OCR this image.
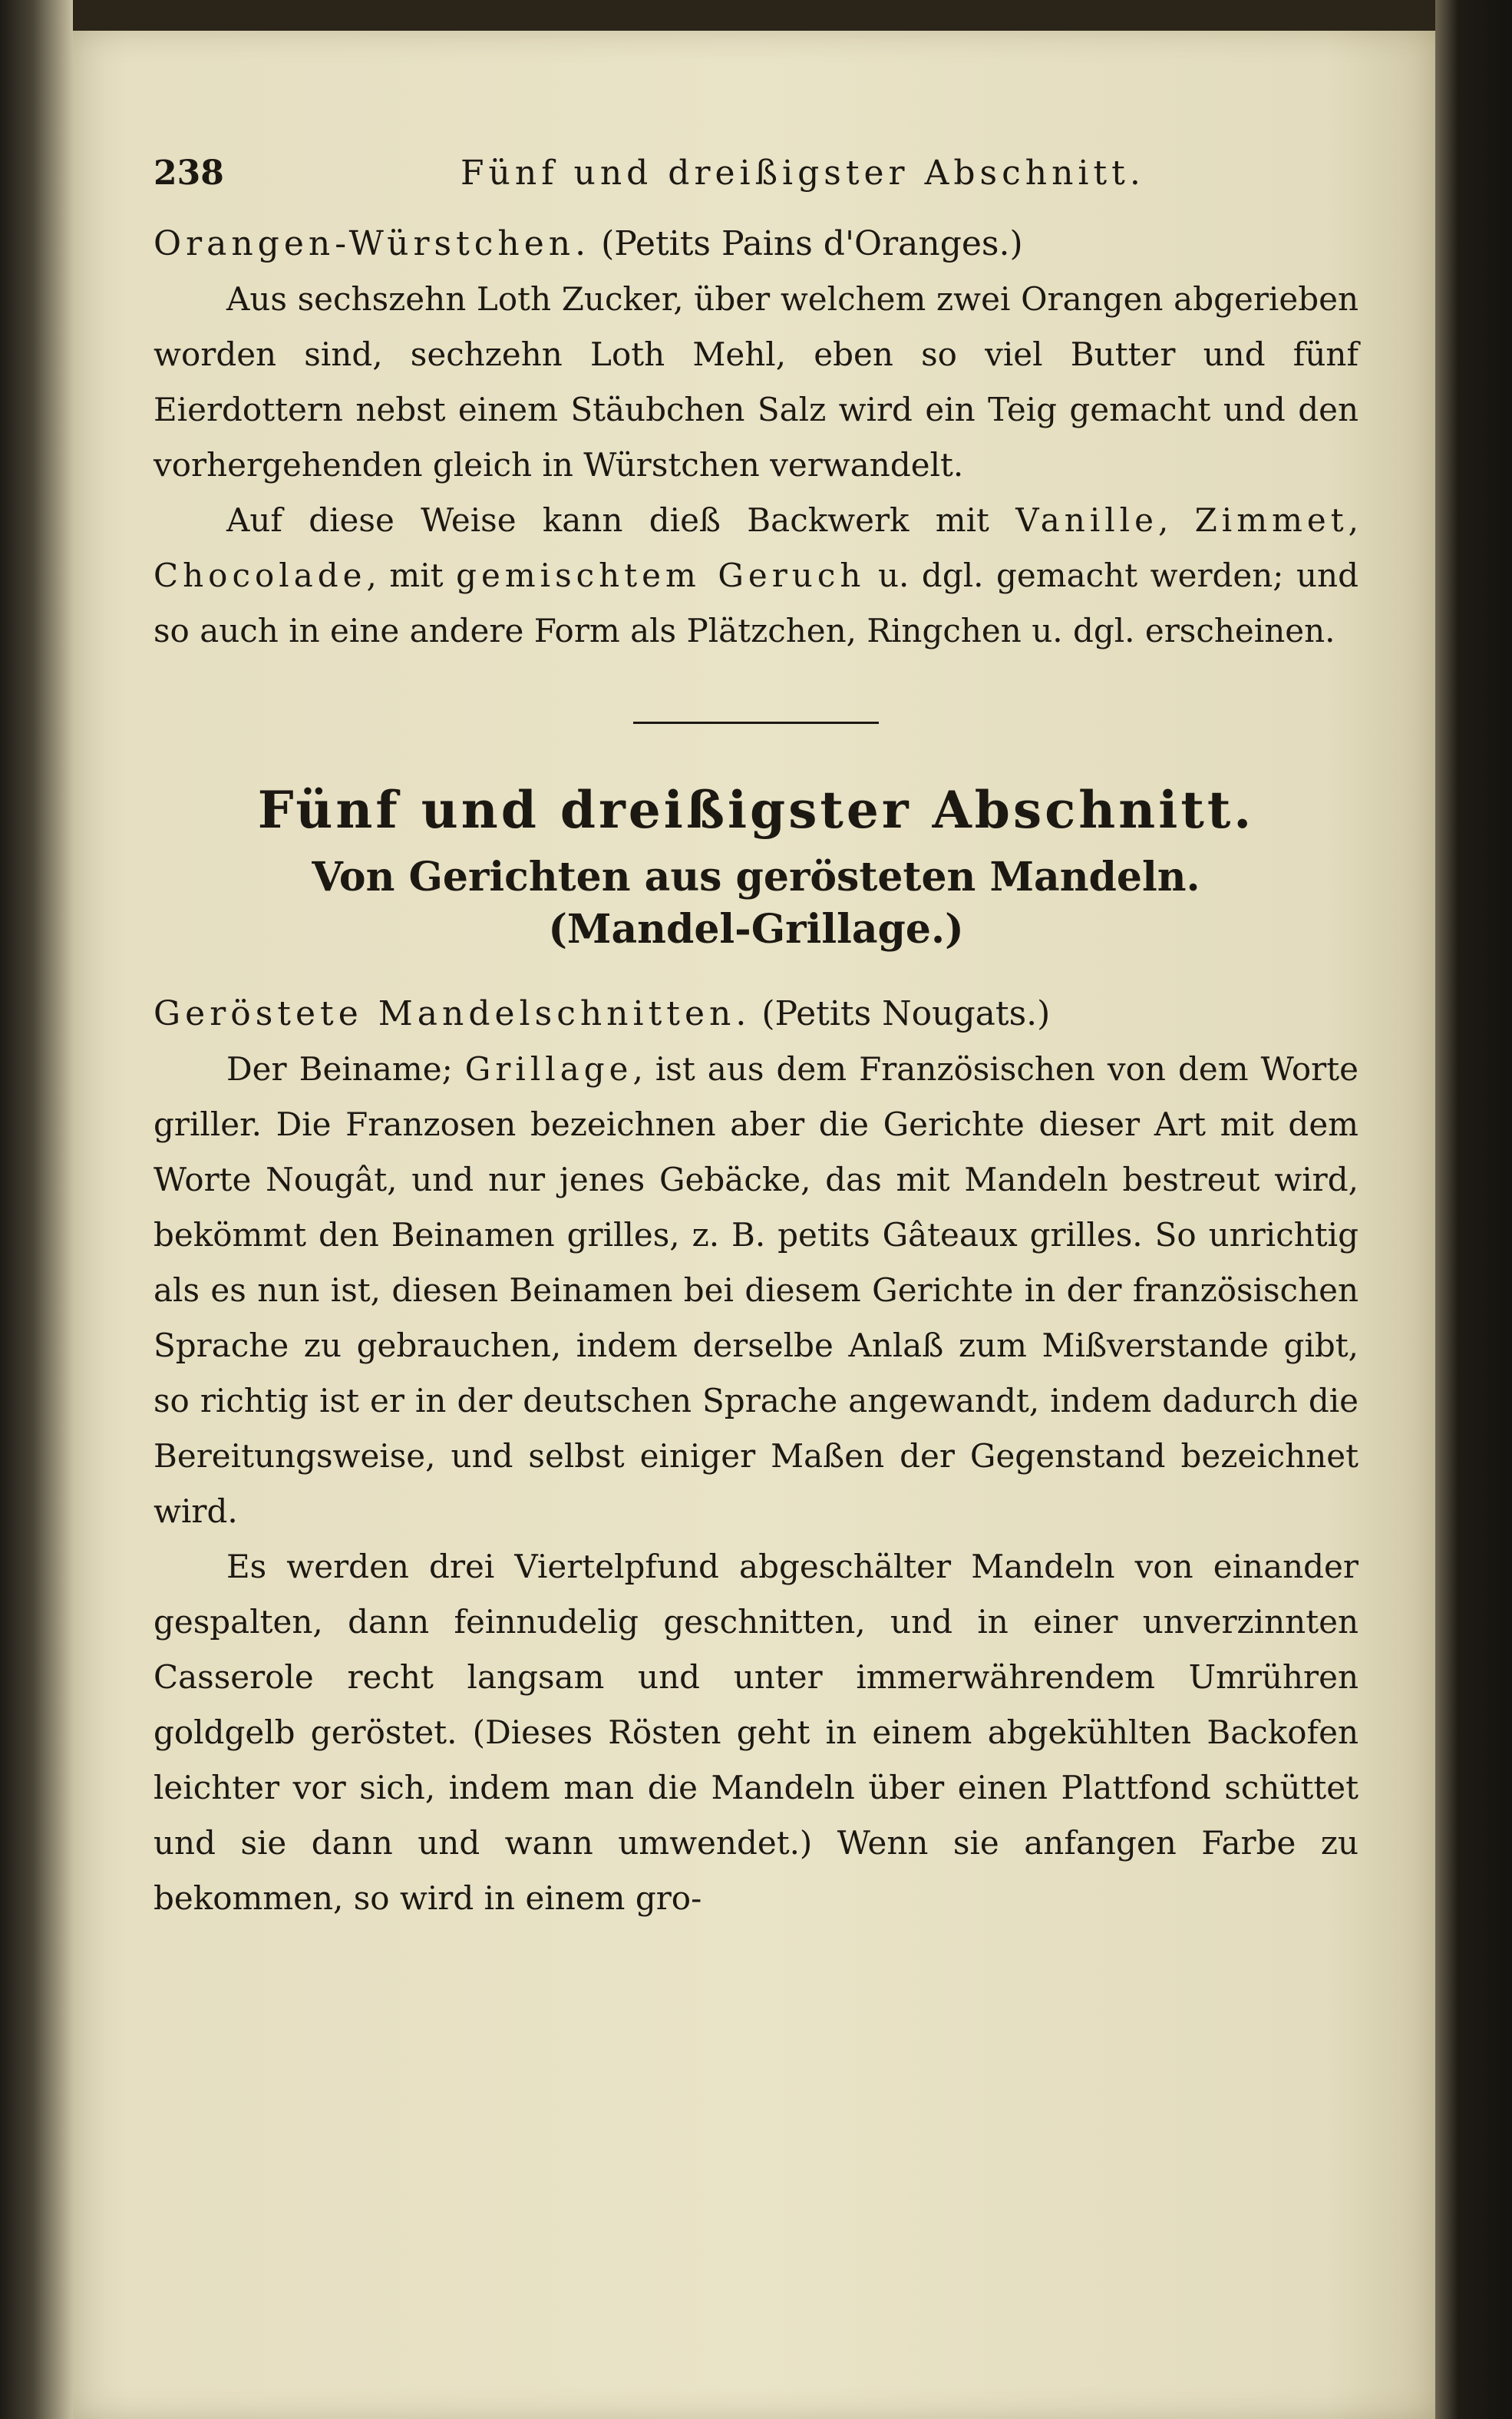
238	Fünf und dreißigster Abschnitt.

Orangen-Würstchen. (Petits Pains d'Oranges.)

Aus sechszehn Loth Zucker, über welchem zwei Orangen abgerieben worden sind, sechzehn Loth Mehl, eben so viel Butter und fünf Eierdottern nebst einem Stäubchen Salz wird ein Teig gemacht und den vorhergehenden gleich in Würstchen verwandelt.

Auf diese Weise kann dieß Backwerk mit Vanille, Zimmet, Chocolade, mit gemischtem Geruch u. dgl. gemacht werden; und so auch in eine andere Form als Plätzchen, Ringchen u. dgl. erscheinen.

Fünf und dreißigster Abschnitt.
Von Gerichten aus gerösteten Mandeln.
(Mandel-Grillage.)

Geröstete Mandelschnitten. (Petits Nougats.)

Der Beiname; Grillage, ist aus dem Französischen von dem Worte griller. Die Franzosen bezeichnen aber die Gerichte dieser Art mit dem Worte Nougât, und nur jenes Gebäcke, das mit Mandeln bestreut wird, bekömmt den Beinamen grilles, z. B. petits Gâteaux grilles. So unrichtig als es nun ist, diesen Beinamen bei diesem Gerichte in der französischen Sprache zu gebrauchen, indem derselbe Anlaß zum Mißverstande gibt, so richtig ist er in der deutschen Sprache angewandt, indem dadurch die Bereitungsweise, und selbst einiger Maßen der Gegenstand bezeichnet wird.

Es werden drei Viertelpfund abgeschälter Mandeln von einander gespalten, dann feinnudelig geschnitten, und in einer unverzinnten Casserole recht langsam und unter immerwährendem Umrühren goldgelb geröstet. (Dieses Rösten geht in einem abgekühlten Backofen leichter vor sich, indem man die Mandeln über einen Plattfond schüttet und sie dann und wann umwendet.) Wenn sie anfangen Farbe zu bekommen, so wird in einem gro-
